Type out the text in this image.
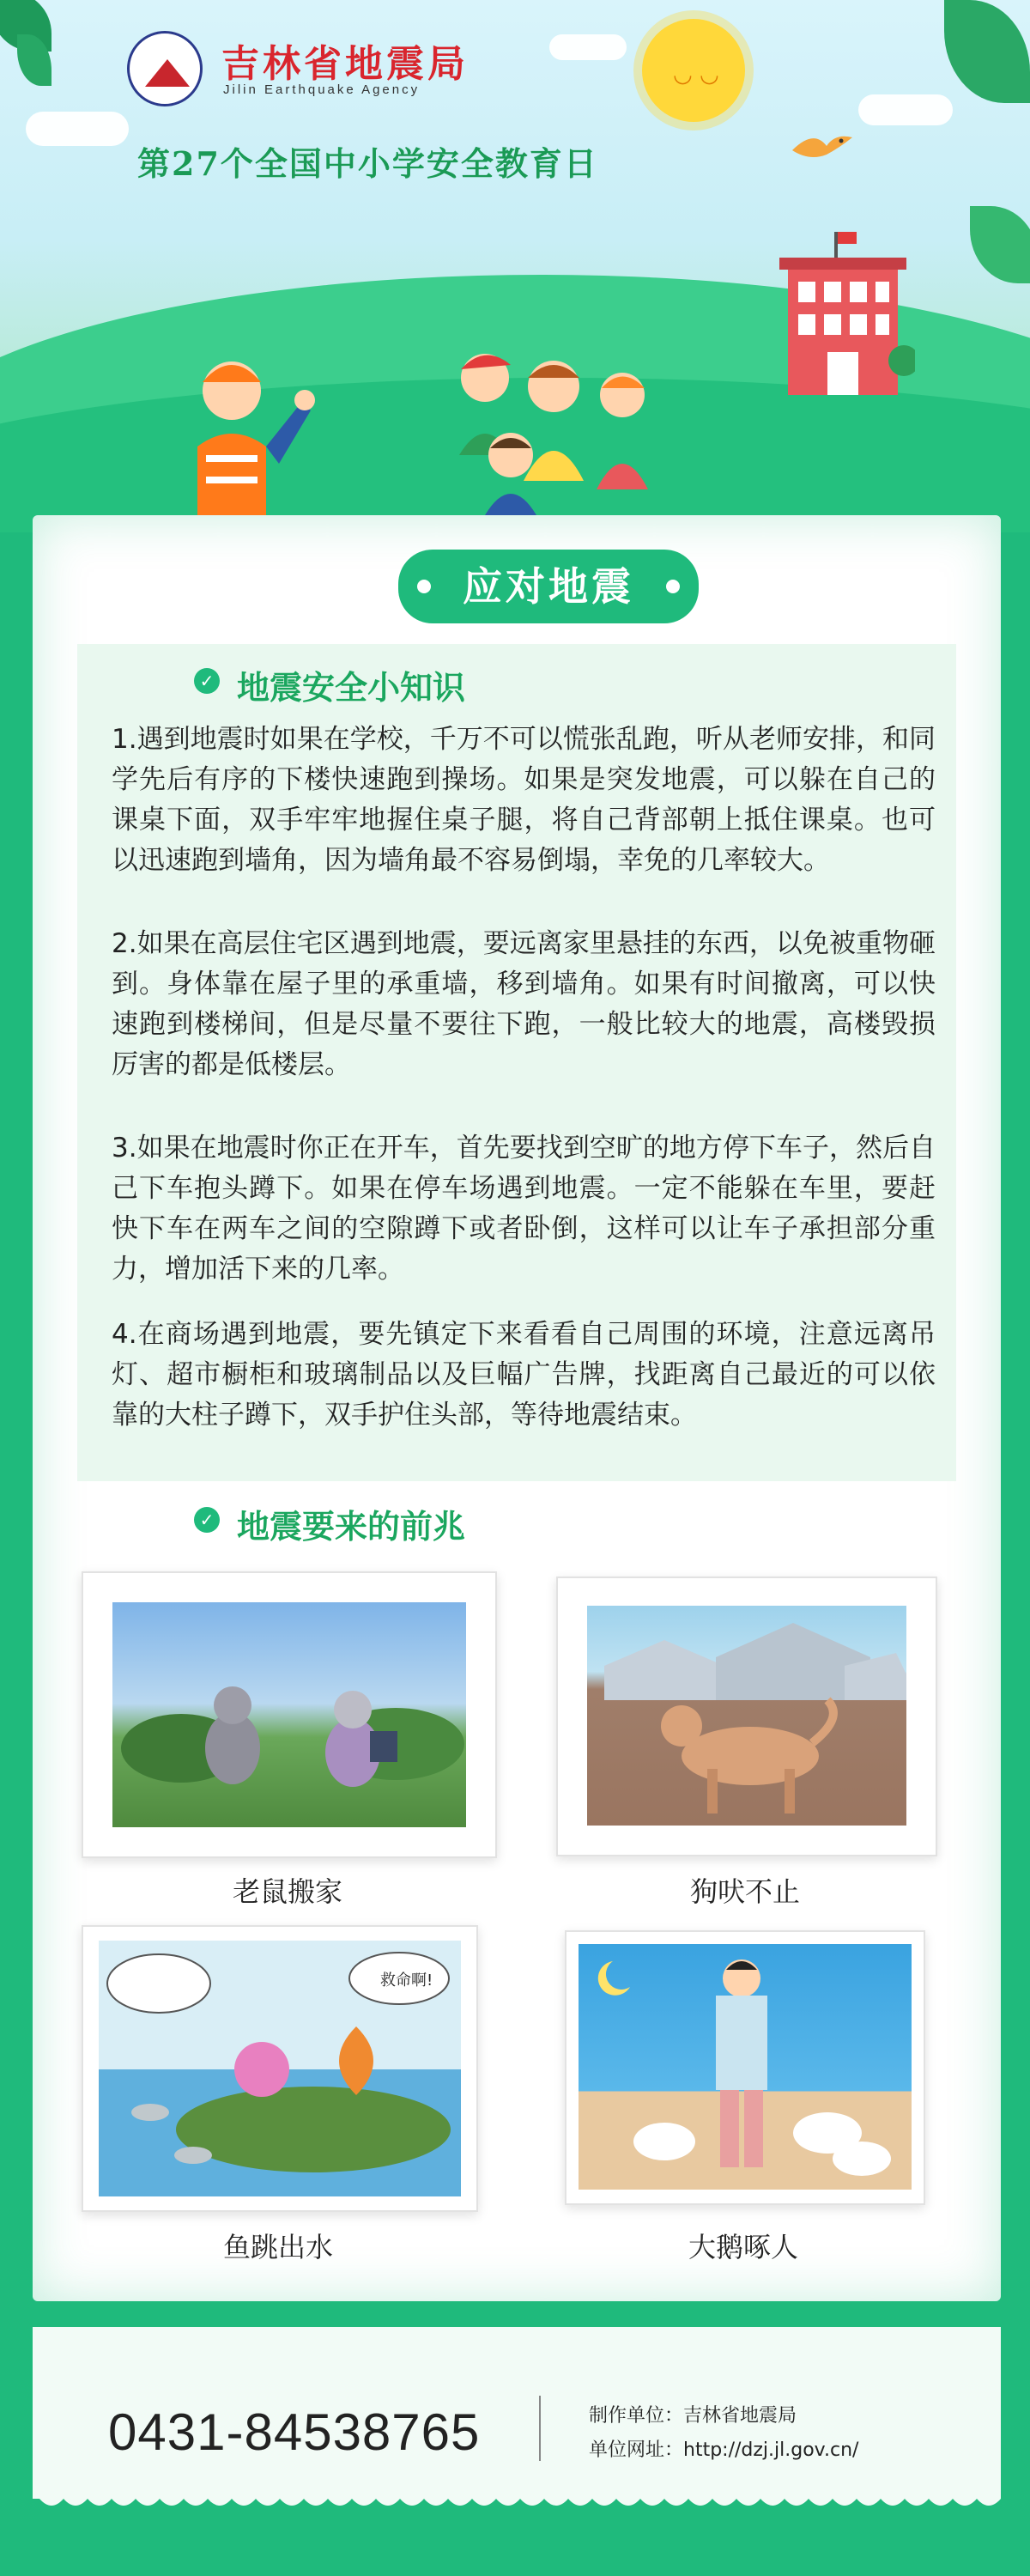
吉林省地震局
Jilin Earthquake Agency
第27个全国中小学安全教育日
◡ ◡
应对地震
✓ 地震安全小知识
1.遇到地震时如果在学校，千万不可以慌张乱跑，听从老师安排，和同学先后有序的下楼快速跑到操场。如果是突发地震，可以躲在自己的课桌下面，双手牢牢地握住桌子腿，将自己背部朝上抵住课桌。也可以迅速跑到墙角，因为墙角最不容易倒塌，幸免的几率较大。
2.如果在高层住宅区遇到地震，要远离家里悬挂的东西，以免被重物砸到。身体靠在屋子里的承重墙，移到墙角。如果有时间撤离，可以快速跑到楼梯间，但是尽量不要往下跑，一般比较大的地震，高楼毁损厉害的都是低楼层。
3.如果在地震时你正在开车，首先要找到空旷的地方停下车子，然后自己下车抱头蹲下。如果在停车场遇到地震。一定不能躲在车里，要赶快下车在两车之间的空隙蹲下或者卧倒，这样可以让车子承担部分重力，增加活下来的几率。
4.在商场遇到地震，要先镇定下来看看自己周围的环境，注意远离吊灯、超市橱柜和玻璃制品以及巨幅广告牌，找距离自己最近的可以依靠的大柱子蹲下，双手护住头部，等待地震结束。
✓ 地震要来的前兆
老鼠搬家	狗吠不止
救命啊!
鱼跳出水	大鹅啄人
0431-84538765	制作单位：吉林省地震局
单位网址：http://dzj.jl.gov.cn/
